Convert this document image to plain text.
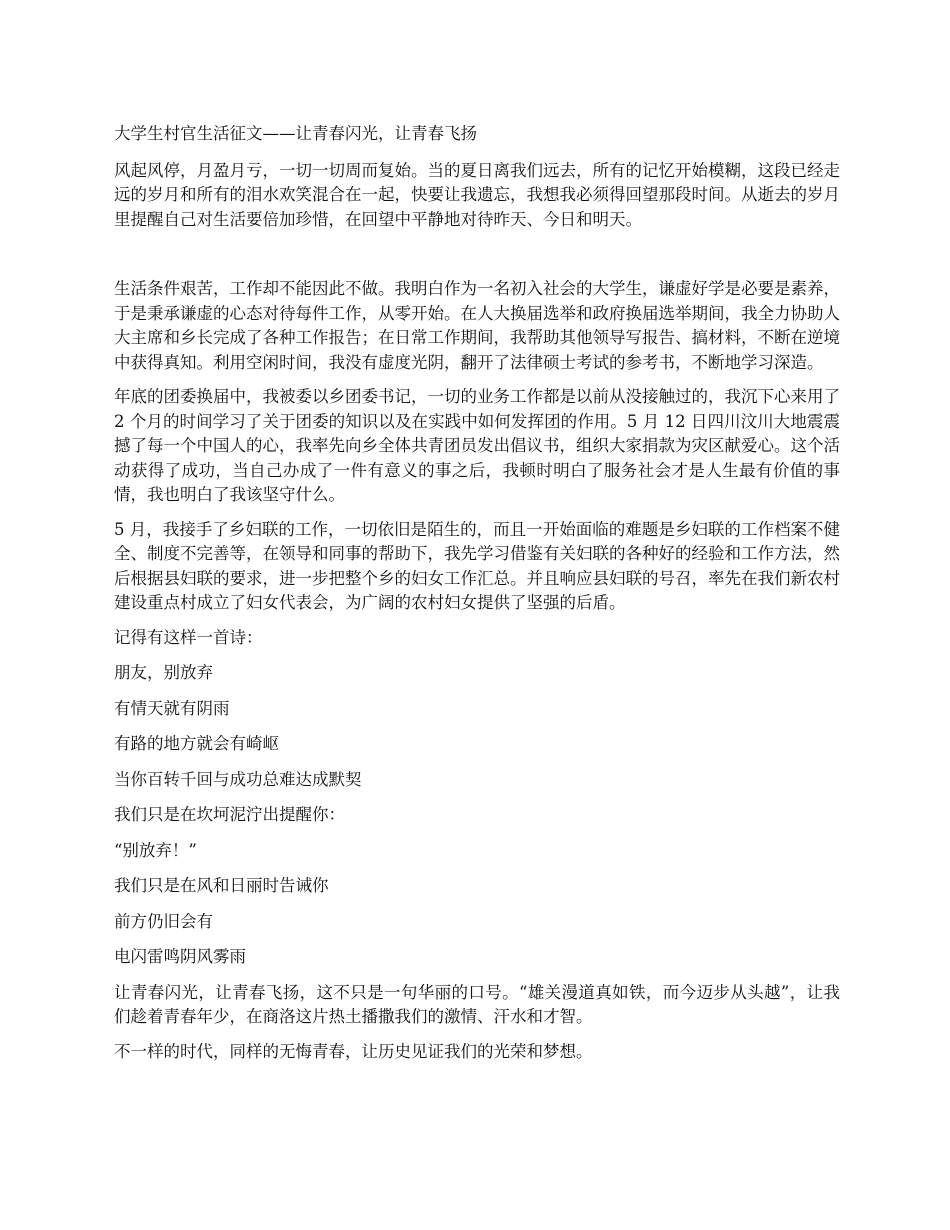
大学生村官生活征文——让青春闪光，让青春飞扬

风起风停，月盈月亏，一切一切周而复始。当的夏日离我们远去，所有的记忆开始模糊，这段已经走远的岁月和所有的泪水欢笑混合在一起，快要让我遗忘，我想我必须得回望那段时间。从逝去的岁月里提醒自己对生活要倍加珍惜，在回望中平静地对待昨天、今日和明天。

生活条件艰苦，工作却不能因此不做。我明白作为一名初入社会的大学生，谦虚好学是必要是素养，于是秉承谦虚的心态对待每件工作，从零开始。在人大换届选举和政府换届选举期间，我全力协助人大主席和乡长完成了各种工作报告；在日常工作期间，我帮助其他领导写报告、搞材料，不断在逆境中获得真知。利用空闲时间，我没有虚度光阴，翻开了法律硕士考试的参考书，不断地学习深造。

年底的团委换届中，我被委以乡团委书记，一切的业务工作都是以前从没接触过的，我沉下心来用了 2 个月的时间学习了关于团委的知识以及在实践中如何发挥团的作用。5 月 12 日四川汶川大地震震撼了每一个中国人的心，我率先向乡全体共青团员发出倡议书，组织大家捐款为灾区献爱心。这个活动获得了成功，当自己办成了一件有意义的事之后，我顿时明白了服务社会才是人生最有价值的事情，我也明白了我该坚守什么。

5 月，我接手了乡妇联的工作，一切依旧是陌生的，而且一开始面临的难题是乡妇联的工作档案不健全、制度不完善等，在领导和同事的帮助下，我先学习借鉴有关妇联的各种好的经验和工作方法，然后根据县妇联的要求，进一步把整个乡的妇女工作汇总。并且响应县妇联的号召，率先在我们新农村建设重点村成立了妇女代表会，为广阔的农村妇女提供了坚强的后盾。

记得有这样一首诗：

朋友，别放弃

有情天就有阴雨

有路的地方就会有崎岖

当你百转千回与成功总难达成默契

我们只是在坎坷泥泞出提醒你：

“别放弃！”

我们只是在风和日丽时告诫你

前方仍旧会有

电闪雷鸣阴风雾雨

让青春闪光，让青春飞扬，这不只是一句华丽的口号。“雄关漫道真如铁，而今迈步从头越”，让我们趁着青春年少，在商洛这片热土播撒我们的激情、汗水和才智。

不一样的时代，同样的无悔青春，让历史见证我们的光荣和梦想。
